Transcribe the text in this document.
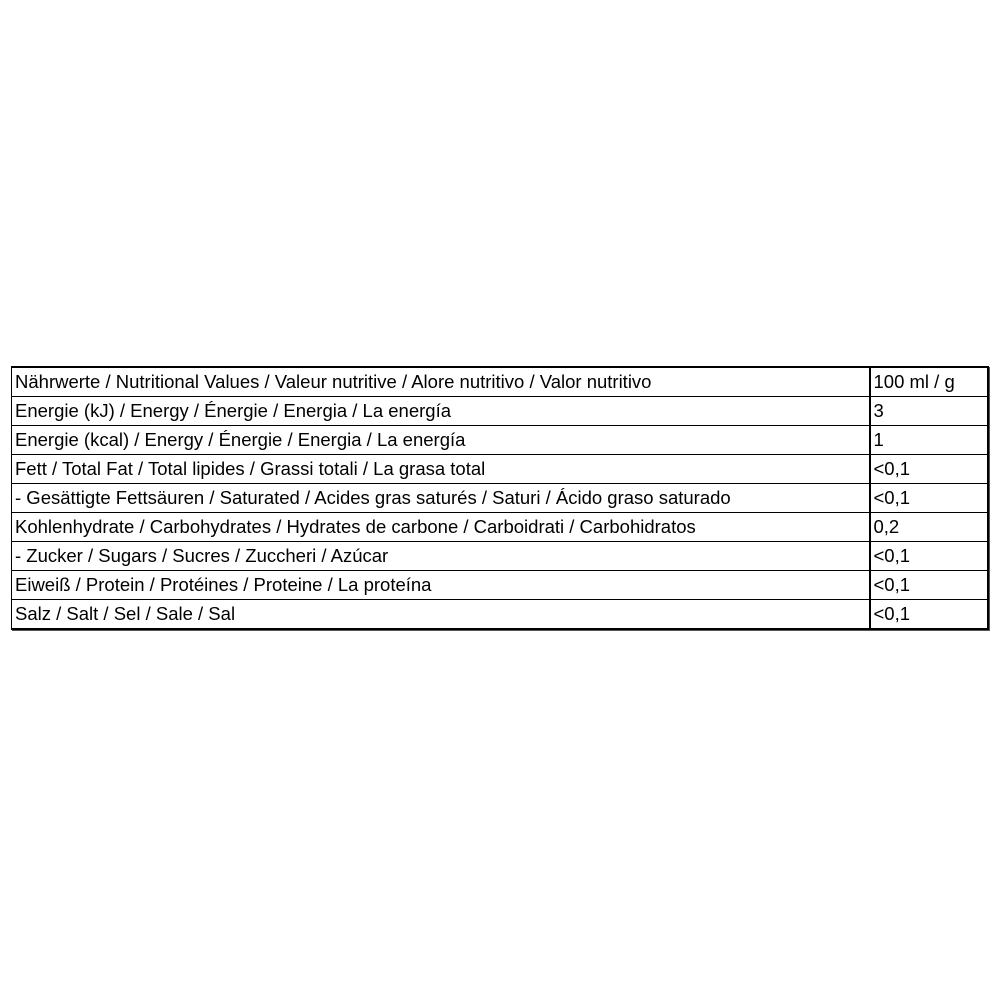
Nährwerte / Nutritional Values / Valeur nutritive / Alore nutritivo / Valor nutritivo	100 ml / g
Energie (kJ) / Energy / Énergie / Energia / La energía	3
Energie (kcal) / Energy / Énergie / Energia / La energía	1
Fett / Total Fat / Total lipides / Grassi totali / La grasa total	<0,1
- Gesättigte Fettsäuren / Saturated / Acides gras saturés / Saturi / Ácido graso saturado	<0,1
Kohlenhydrate / Carbohydrates / Hydrates de carbone / Carboidrati / Carbohidratos	0,2
- Zucker / Sugars / Sucres / Zuccheri / Azúcar	<0,1
Eiweiß / Protein / Protéines / Proteine / La proteína	<0,1
Salz / Salt / Sel / Sale / Sal	<0,1
